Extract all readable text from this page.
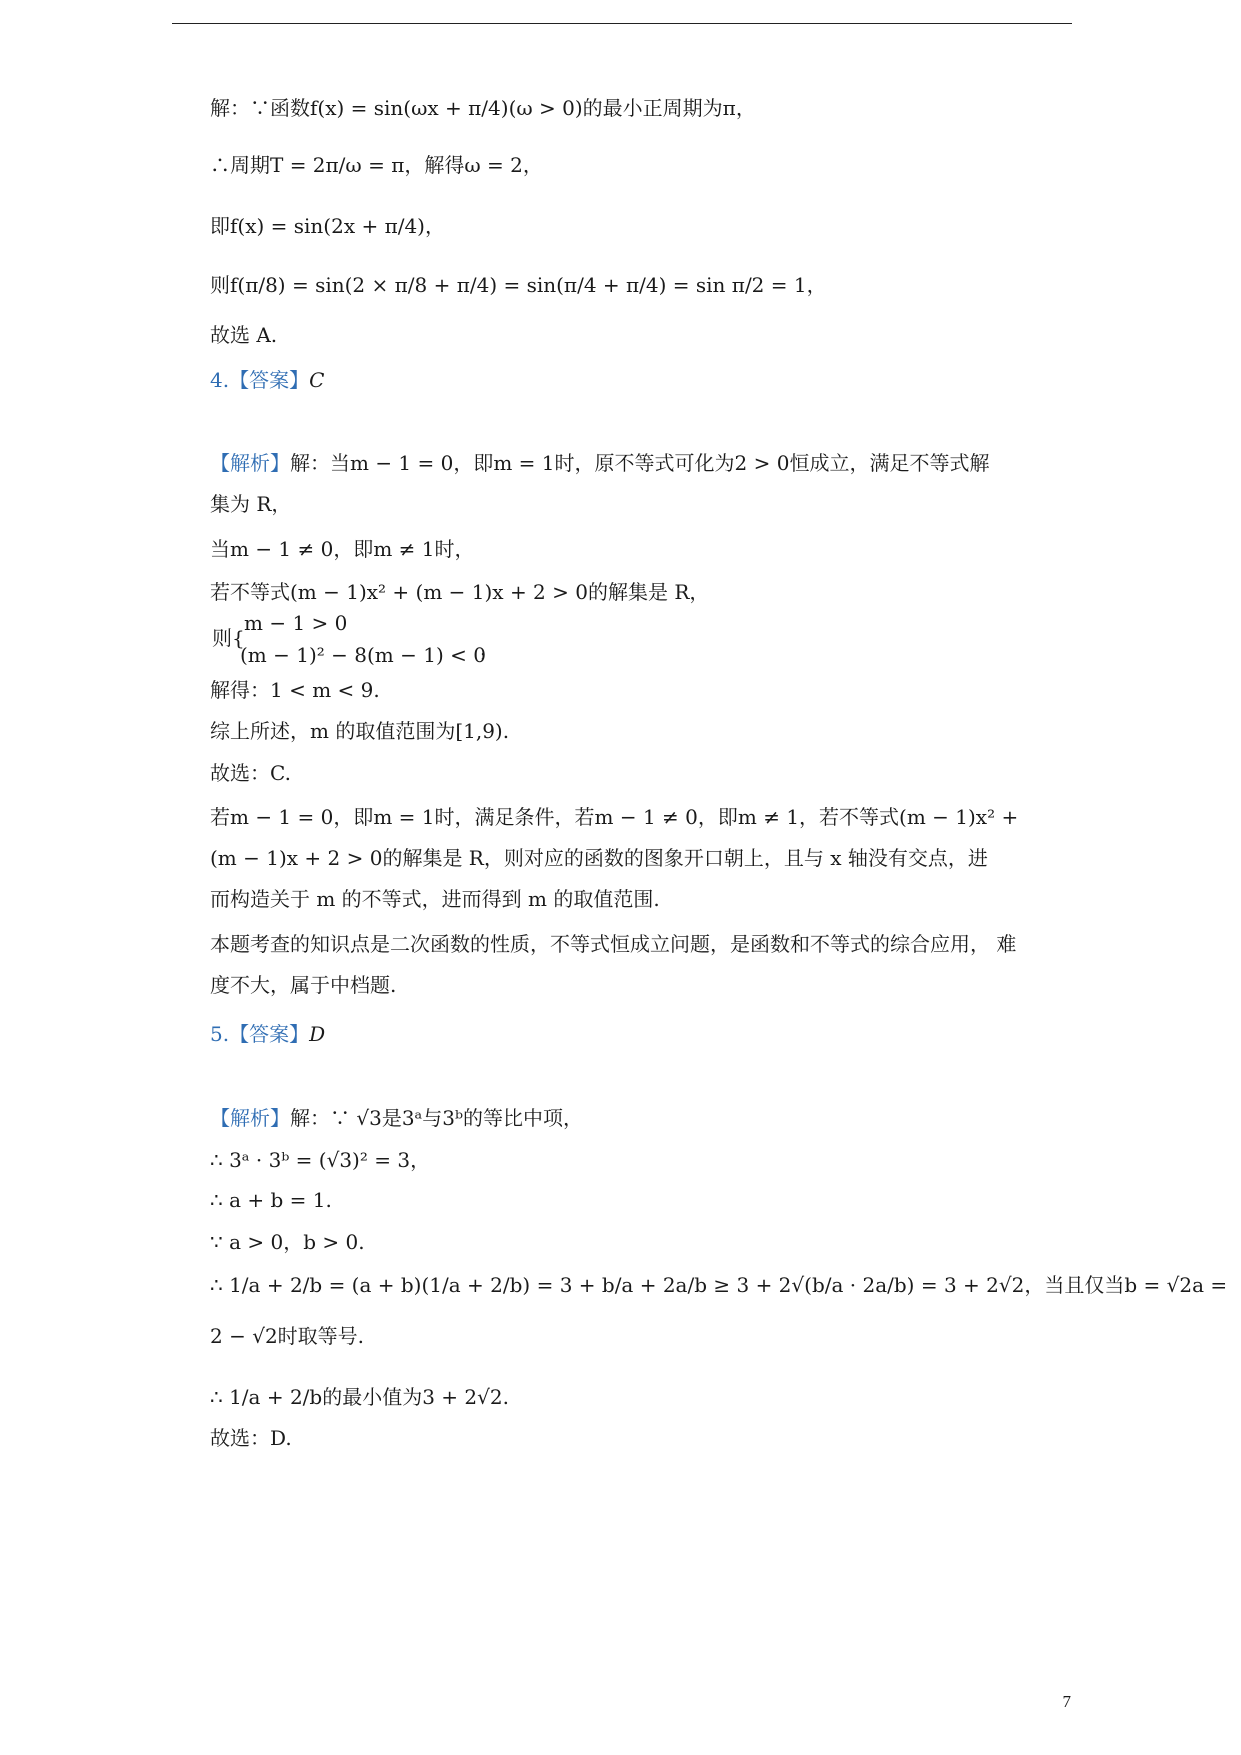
解：∵函数f(x) = sin(ωx + π/4)(ω > 0)的最小正周期为π，
∴周期T = 2π/ω = π，解得ω = 2，
即f(x) = sin(2x + π/4)，
则f(π/8) = sin(2 × π/8 + π/4) = sin(π/4 + π/4) = sin π/2 = 1，
故选 A.
4.【答案】C
【解析】解：当m − 1 = 0，即m = 1时，原不等式可化为2 > 0恒成立，满足不等式解
集为 R，
当m − 1 ≠ 0，即m ≠ 1时，
若不等式(m − 1)x² + (m − 1)x + 2 > 0的解集是 R，
m − 1 > 0
则{
(m − 1)² − 8(m − 1) < 0
，
解得：1 < m < 9.
综上所述，m 的取值范围为[1,9).
故选：C.
若m − 1 = 0，即m = 1时，满足条件，若m − 1 ≠ 0，即m ≠ 1，若不等式(m − 1)x² +
(m − 1)x + 2 > 0的解集是 R，则对应的函数的图象开口朝上，且与 x 轴没有交点，进
而构造关于 m 的不等式，进而得到 m 的取值范围.
本题考查的知识点是二次函数的性质，不等式恒成立问题，是函数和不等式的综合应用， 难
度不大，属于中档题.
5.【答案】D
【解析】解：∵ √3是3ᵃ与3ᵇ的等比中项，
∴ 3ᵃ · 3ᵇ = (√3)² = 3，
∴ a + b = 1.
∵ a > 0，b > 0.
∴ 1/a + 2/b = (a + b)(1/a + 2/b) = 3 + b/a + 2a/b ≥ 3 + 2√(b/a · 2a/b) = 3 + 2√2，当且仅当b = √2a =
2 − √2时取等号.
∴ 1/a + 2/b的最小值为3 + 2√2.
故选：D.
7
